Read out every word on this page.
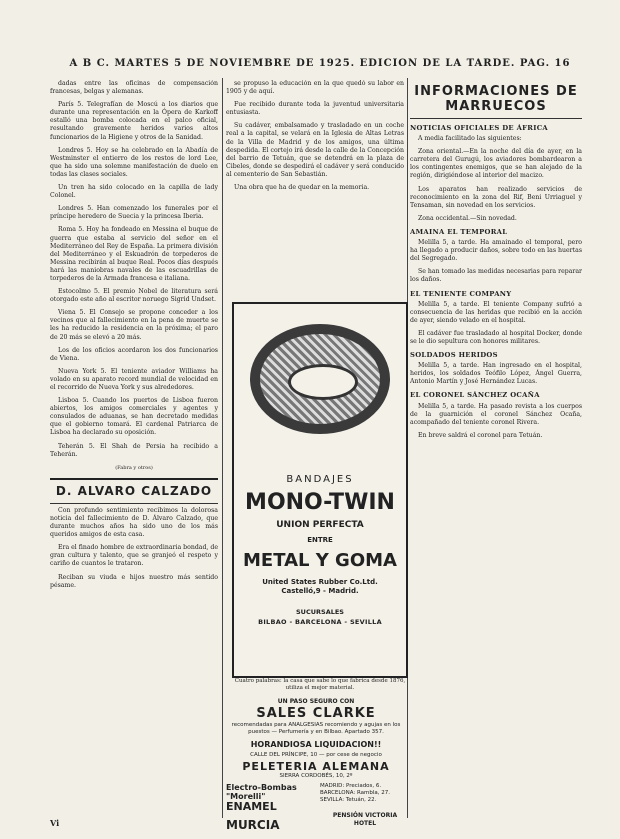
A B C. MARTES 5 DE NOVIEMBRE DE 1925. EDICION DE LA TARDE. PAG. 16

dadas entre las oficinas de compensación francesas, belgas y alemanas.

París 5. Telegrafían de Moscú a los diarios que durante una representación en la Ópera de Karkoff estalló una bomba colocada en el palco oficial, resultando gravemente heridos varios altos funcionarios de la Higiene y otros de la Sanidad.

Londres 5. Hoy se ha celebrado en la Abadía de Westminster el entierro de los restos de lord Lee, que ha sido una solemne manifestación de duelo en todas las clases sociales.

Un tren ha sido colocado en la capilla de lady Colonel.

Londres 5. Han comenzado los funerales por el príncipe heredero de Suecia y la princesa Iberia.

Roma 5. Hoy ha fondeado en Messina el buque de guerra que estaba al servicio del señor en el Mediterráneo del Rey de España. La primera división del Mediterráneo y el Eskuadrón de torpederos de Messina recibirán al buque Real. Pocos días después hará las maniobras navales de las escuadrillas de torpederos de la Armada francesa e italiana.

Estocolmo 5. El premio Nobel de literatura será otorgado este año al escritor noruego Sigrid Undset.

Viena 5. El Consejo se propone conceder a los vecinos que al fallecimiento en la pena de muerte se les ha reducido la residencia en la próxima; el paro de 20 más se elevó a 20 más.

Los de los oficios acordaron los dos funcionarios de Viena.

Nueva York 5. El teniente aviador Williams ha volado en su aparato record mundial de velocidad en el recorrido de Nueva York y sus alrededores.

Lisboa 5. Cuando los puertos de Lisboa fueron abiertos, los amigos comerciales y agentes y consulados de aduanas, se han decretado medidas que el gobierno tomará. El cardenal Patriarca de Lisboa ha declarado su oposición.

Teherán 5. El Shah de Persia ha recibido a Teherán.

(Fabra y otros)
D. ALVARO CALZADO

Con profundo sentimiento recibimos la dolorosa noticia del fallecimiento de D. Álvaro Calzado, que durante muchos años ha sido uno de los más queridos amigos de esta casa.

Era el finado hombre de extraordinaria bondad, de gran cultura y talento, que se granjeó el respeto y cariño de cuantos le trataron.

Reciban su viuda e hijos nuestro más sentido pésame.

se propuso la educación en la que quedó su labor en 1905 y de aquí.

Fue recibido durante toda la juventud universitaria entusiasta.

Su cadáver, embalsamado y trasladado en un coche real a la capital, se velará en la Iglesia de Altas Letras de la Villa de Madrid y de los amigos, una última despedida. El cortejo irá desde la calle de la Concepción del barrio de Tetuán, que se detendrá en la plaza de Cibeles, donde se despedirá el cadáver y será conducido al cementerio de San Sebastián.

Una obra que ha de quedar en la memoria.

BANDAJES
MONO-TWIN
UNION PERFECTA
ENTRE
METAL Y GOMA
United States Rubber Co.Ltd. Castelló,9 - Madrid.
SUCURSALES
BILBAO - BARCELONA - SEVILLA
Cuatro palabras: la casa que sabe lo que fabrica desde 1876, utiliza el mejor material.
UN PASO SEGURO CON
SALES CLARKE
recomendadas para ANALGESIAS recomiendo y agujas en los puestos — Perfumería y en Bilbao. Apartado 357.
HORANDIOSA LIQUIDACION!!
CALLE DEL PRÍNCIPE, 10 — por cese de negocio
PELETERIA ALEMANA
SIERRA CORDOBÉS, 10, 2º
Electro-Bombas "Morelli"
MADRID: Preciados, 6. BARCELONA: Rambla, 27. SEVILLA: Tetuán, 22.
ENAMEL
MURCIA
PENSIÓN VICTORIA HOTEL
INFORMACIONES DE MARRUECOS
NOTICIAS OFICIALES DE ÁFRICA

A media facilitado las siguientes:

Zona oriental.—En la noche del día de ayer, en la carretera del Gurugú, los aviadores bombardearon a los contingentes enemigos, que se han alejado de la región, dirigiéndose al interior del macizo.

Los aparatos han realizado servicios de reconocimiento en la zona del Rif, Beni Urriaguel y Tensaman, sin novedad en los servicios.

Zona occidental.—Sin novedad.

AMAINA EL TEMPORAL

Melilla 5, a tarde. Ha amainado el temporal, pero ha llegado a producir daños, sobre todo en las huertas del Segregado.

Se han tomado las medidas necesarias para reparar los daños.

EL TENIENTE COMPANY

Melilla 5, a tarde. El teniente Company sufrió a consecuencia de las heridas que recibió en la acción de ayer, siendo velado en el hospital.

El cadáver fue trasladado al hospital Docker, donde se le dio sepultura con honores militares.

SOLDADOS HERIDOS

Melilla 5, a tarde. Han ingresado en el hospital, heridos, los soldados Teófilo López, Ángel Guerra, Antonio Martín y José Hernández Lucas.

EL CORONEL SÁNCHEZ OCAÑA

Melilla 5, a tarde. Ha pasado revista a los cuerpos de la guarnición el coronel Sánchez Ocaña, acompañado del teniente coronel Rivera.

En breve saldrá el coronel para Tetuán.

Vi
